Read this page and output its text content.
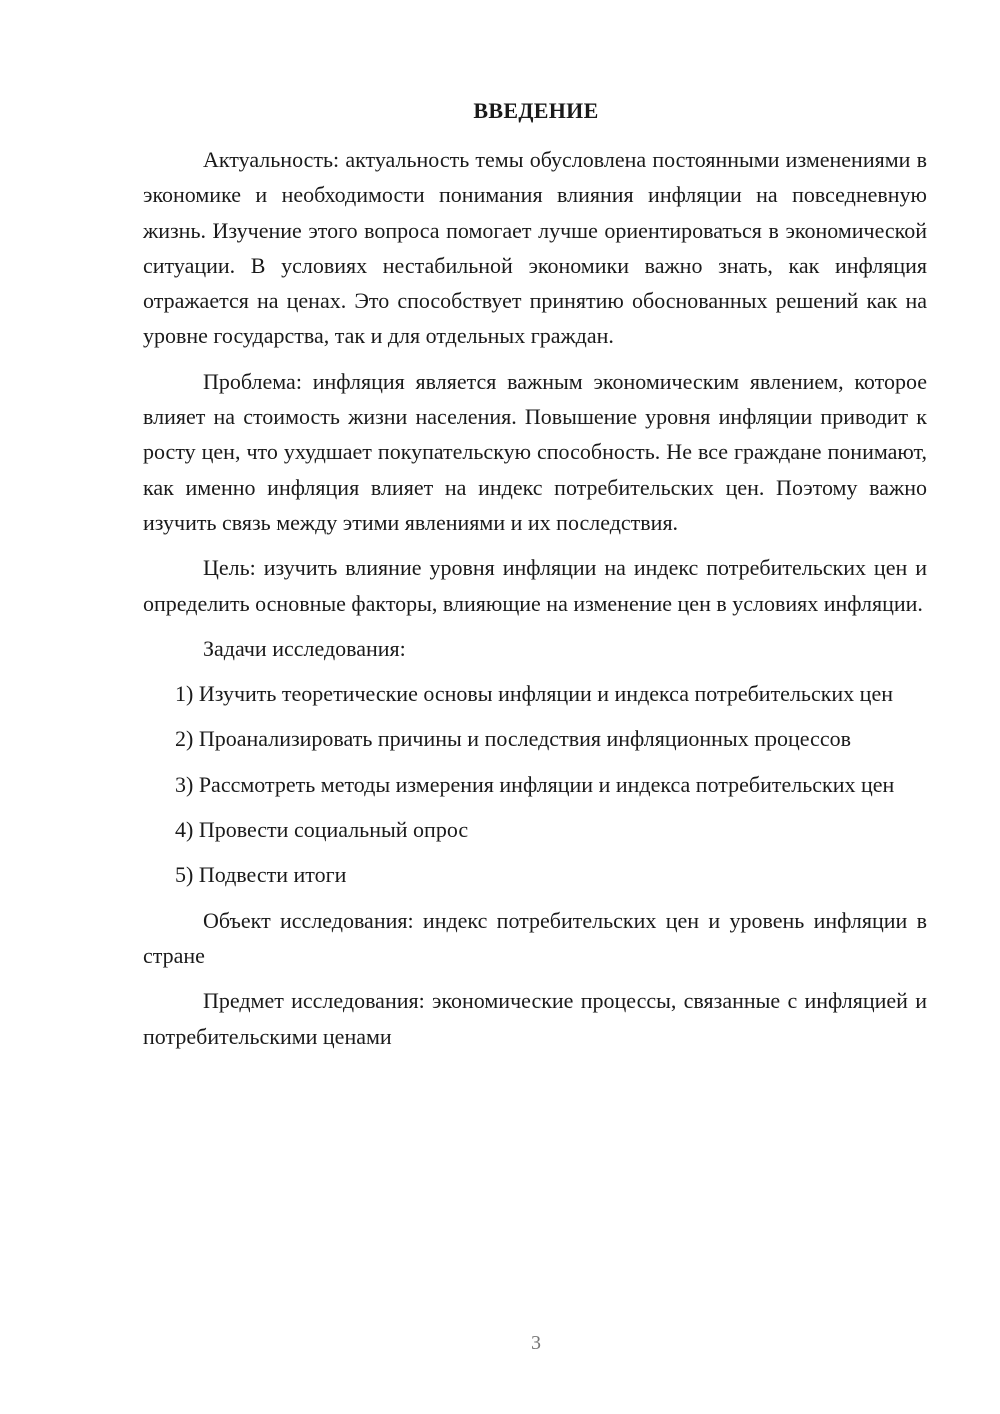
ВВЕДЕНИЕ

Актуальность: актуальность темы обусловлена постоянными изменениями в экономике и необходимости понимания влияния инфляции на повседневную жизнь. Изучение этого вопроса помогает лучше ориентироваться в экономической ситуации. В условиях нестабильной экономики важно знать, как инфляция отражается на ценах. Это способствует принятию обоснованных решений как на уровне государства, так и для отдельных граждан.

Проблема: инфляция является важным экономическим явлением, которое влияет на стоимость жизни населения. Повышение уровня инфляции приводит к росту цен, что ухудшает покупательскую способность. Не все граждане понимают, как именно инфляция влияет на индекс потребительских цен. Поэтому важно изучить связь между этими явлениями и их последствия.

Цель: изучить влияние уровня инфляции на индекс потребительских цен и определить основные факторы, влияющие на изменение цен в условиях инфляции.

Задачи исследования:

1) Изучить теоретические основы инфляции и индекса потребительских цен

2) Проанализировать причины и последствия инфляционных процессов

3) Рассмотреть методы измерения инфляции и индекса потребительских цен

4) Провести социальный опрос

5) Подвести итоги

Объект исследования: индекс потребительских цен и уровень инфляции в стране

Предмет исследования: экономические процессы, связанные с инфляцией и потребительскими ценами

3
